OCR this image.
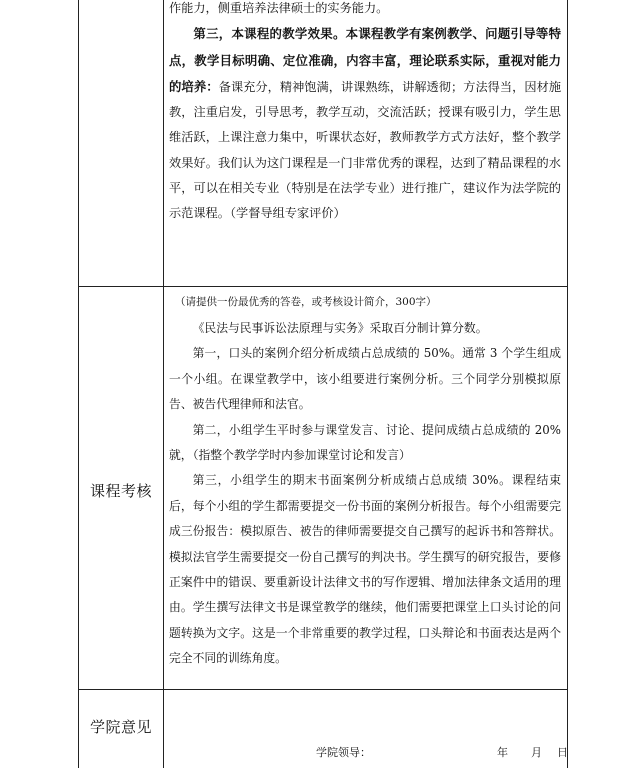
作能力，侧重培养法律硕士的实务能力。

第三，本课程的教学效果。本课程教学有案例教学、问题引导等特点，教学目标明确、定位准确，内容丰富，理论联系实际，重视对能力的培养：备课充分，精神饱满，讲课熟练，讲解透彻；方法得当，因材施教，注重启发，引导思考，教学互动，交流活跃；授课有吸引力，学生思维活跃，上课注意力集中，听课状态好，教师教学方式方法好，整个教学效果好。我们认为这门课程是一门非常优秀的课程，达到了精品课程的水平，可以在相关专业（特别是在法学专业）进行推广，建议作为法学院的示范课程。（学督导组专家评价）

课程考核

（请提供一份最优秀的答卷，或考核设计简介，300字）

《民法与民事诉讼法原理与实务》采取百分制计算分数。

第一，口头的案例介绍分析成绩占总成绩的 50%。通常 3 个学生组成一个小组。在课堂教学中，该小组要进行案例分析。三个同学分别模拟原告、被告代理律师和法官。

第二，小组学生平时参与课堂发言、讨论、提问成绩占总成绩的 20%就，（指整个教学学时内参加课堂讨论和发言）

第三，小组学生的期末书面案例分析成绩占总成绩 30%。课程结束后，每个小组的学生都需要提交一份书面的案例分析报告。每个小组需要完成三份报告：模拟原告、被告的律师需要提交自己撰写的起诉书和答辩状。模拟法官学生需要提交一份自己撰写的判决书。学生撰写的研究报告，要修正案件中的错误、要重新设计法律文书的写作逻辑、增加法律条文适用的理由。学生撰写法律文书是课堂教学的继续，他们需要把课堂上口头讨论的问题转换为文字。这是一个非常重要的教学过程，口头辩论和书面表达是两个完全不同的训练角度。

学院意见
学院领导：	年 月 日
